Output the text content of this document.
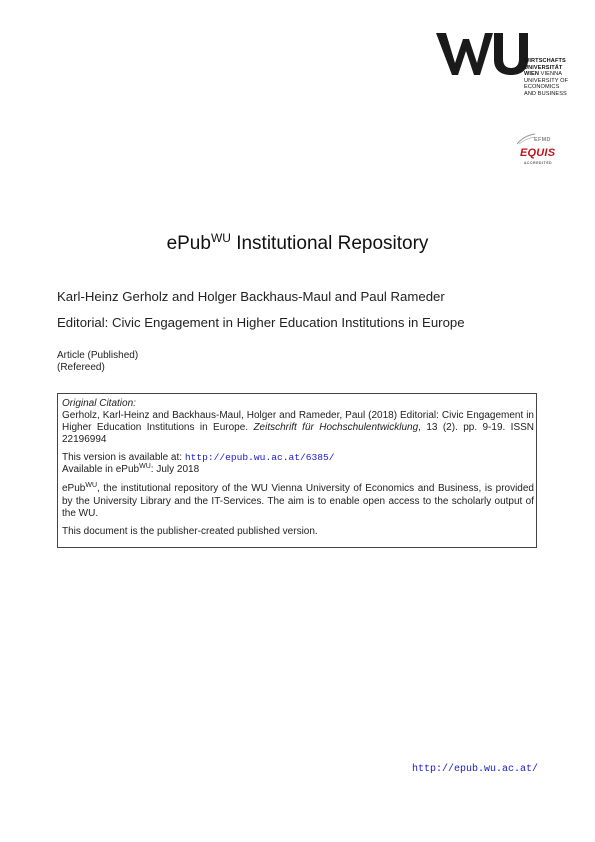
WIRTSCHAFTS
UNIVERSITÄT
WIEN VIENNA
UNIVERSITY OF
ECONOMICS
AND BUSINESS
EFMD
EQUIS
ACCREDITED
ePub$^{WU}$ Institutional Repository
Karl-Heinz Gerholz and Holger Backhaus-Maul and Paul Rameder
Editorial: Civic Engagement in Higher Education Institutions in Europe
Article (Published)
(Refereed)
Original Citation:
Gerholz, Karl-Heinz and Backhaus-Maul, Holger and Rameder, Paul (2018) Editorial: Civic Engagement in Higher Education Institutions in Europe. Zeitschrift für Hochschulentwicklung, 13 (2). pp. 9-19. ISSN 22196994
This version is available at: http://epub.wu.ac.at/6385/
Available in ePub$^{WU}$: July 2018
ePub$^{WU}$, the institutional repository of the WU Vienna University of Economics and Business, is provided by the University Library and the IT-Services. The aim is to enable open access to the scholarly output of the WU.
This document is the publisher-created published version.
http://epub.wu.ac.at/
